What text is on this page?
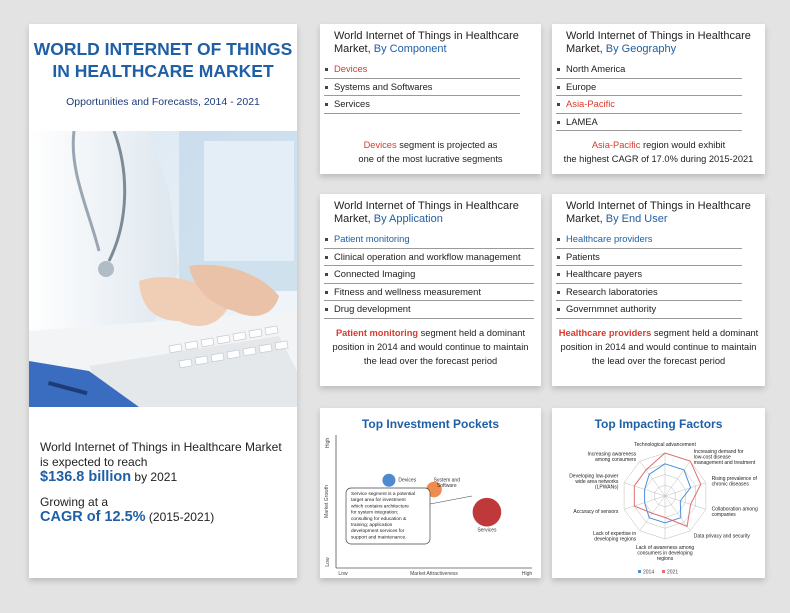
WORLD INTERNET OF THINGS
IN HEALTHCARE MARKET
Opportunities and Forecasts, 2014 - 2021
World Internet of Things in Healthcare Market is expected to reach
$136.8 billion by 2021
Growing at a
CAGR of 12.5% (2015-2021)
World Internet of Things in Healthcare Market, By Component
Devices
Systems and Softwares
Services
Devices segment is projected as
one of the most lucrative segments
World Internet of Things in Healthcare Market, By Geography
North America
Europe
Asia-Pacific
LAMEA
Asia-Pacific region would exhibit
the highest CAGR of 17.0% during 2015-2021
World Internet of Things in Healthcare Market, By Application
Patient monitoring
Clinical operation and workflow management
Connected Imaging
Fitness and wellness measurement
Drug development
Patient monitoring segment held a dominant
position in 2014 and would continue to maintain
the lead over the forecast period
World Internet of Things in Healthcare Market, By End User
Healthcare providers
Patients
Healthcare payers
Research laboratories
Governmnet authority
Healthcare providers segment held a dominant
position in 2014 and would continue to maintain
the lead over the forecast period
Top Investment Pockets
Market Attractiveness
Market Growth
Low	High
Low
High
Devices	System and Software
Services
Service segment is a potential target area for investment which contains architecture for system integration; consulting for education & training; application development services for support and maintenance.
Top Impacting Factors
Technological advancement
Increasing demand for low-cost disease management and treatment
Rising prevalence of chronic diseases
Collaboration among companies
Data privacy and security
Lack of awareness among consumers in developing regions
Lack of expertise in developing regions
Accuracy of sensors
Developing low-power wide area networks (LPWANs)
Increasing awareness among consumers
2014	2021
